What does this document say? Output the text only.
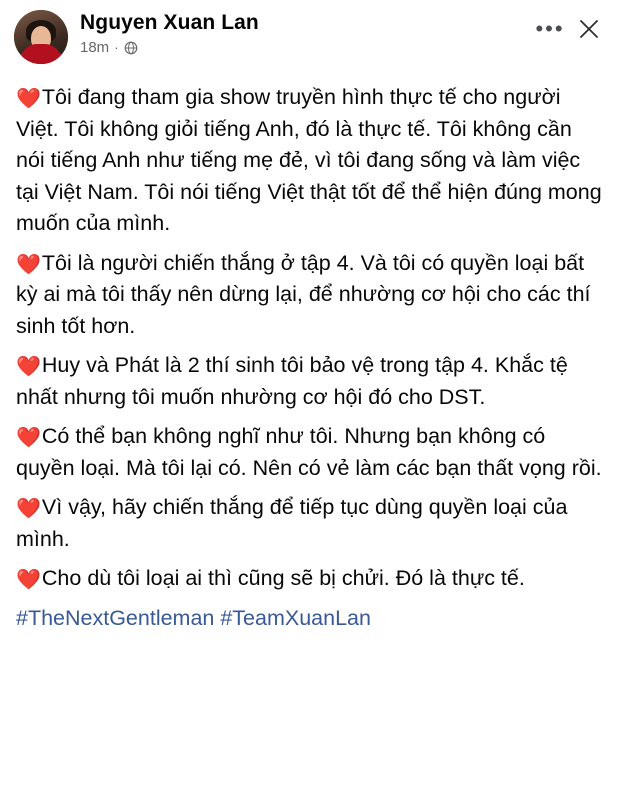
Nguyen Xuan Lan
18m ·
•••

❤️Tôi đang tham gia show truyền hình thực tế cho người Việt. Tôi không giỏi tiếng Anh, đó là thực tế. Tôi không cần nói tiếng Anh như tiếng mẹ đẻ, vì tôi đang sống và làm việc tại Việt Nam. Tôi nói tiếng Việt thật tốt để thể hiện đúng mong muốn của mình.

❤️Tôi là người chiến thắng ở tập 4. Và tôi có quyền loại bất kỳ ai mà tôi thấy nên dừng lại, để nhường cơ hội cho các thí sinh tốt hơn.

❤️Huy và Phát là 2 thí sinh tôi bảo vệ trong tập 4. Khắc tệ nhất nhưng tôi muốn nhường cơ hội đó cho DST.

❤️Có thể bạn không nghĩ như tôi. Nhưng bạn không có quyền loại. Mà tôi lại có. Nên có vẻ làm các bạn thất vọng rồi.

❤️Vì vậy, hãy chiến thắng để tiếp tục dùng quyền loại của mình.

❤️Cho dù tôi loại ai thì cũng sẽ bị chửi. Đó là thực tế.

#TheNextGentleman #TeamXuanLan
